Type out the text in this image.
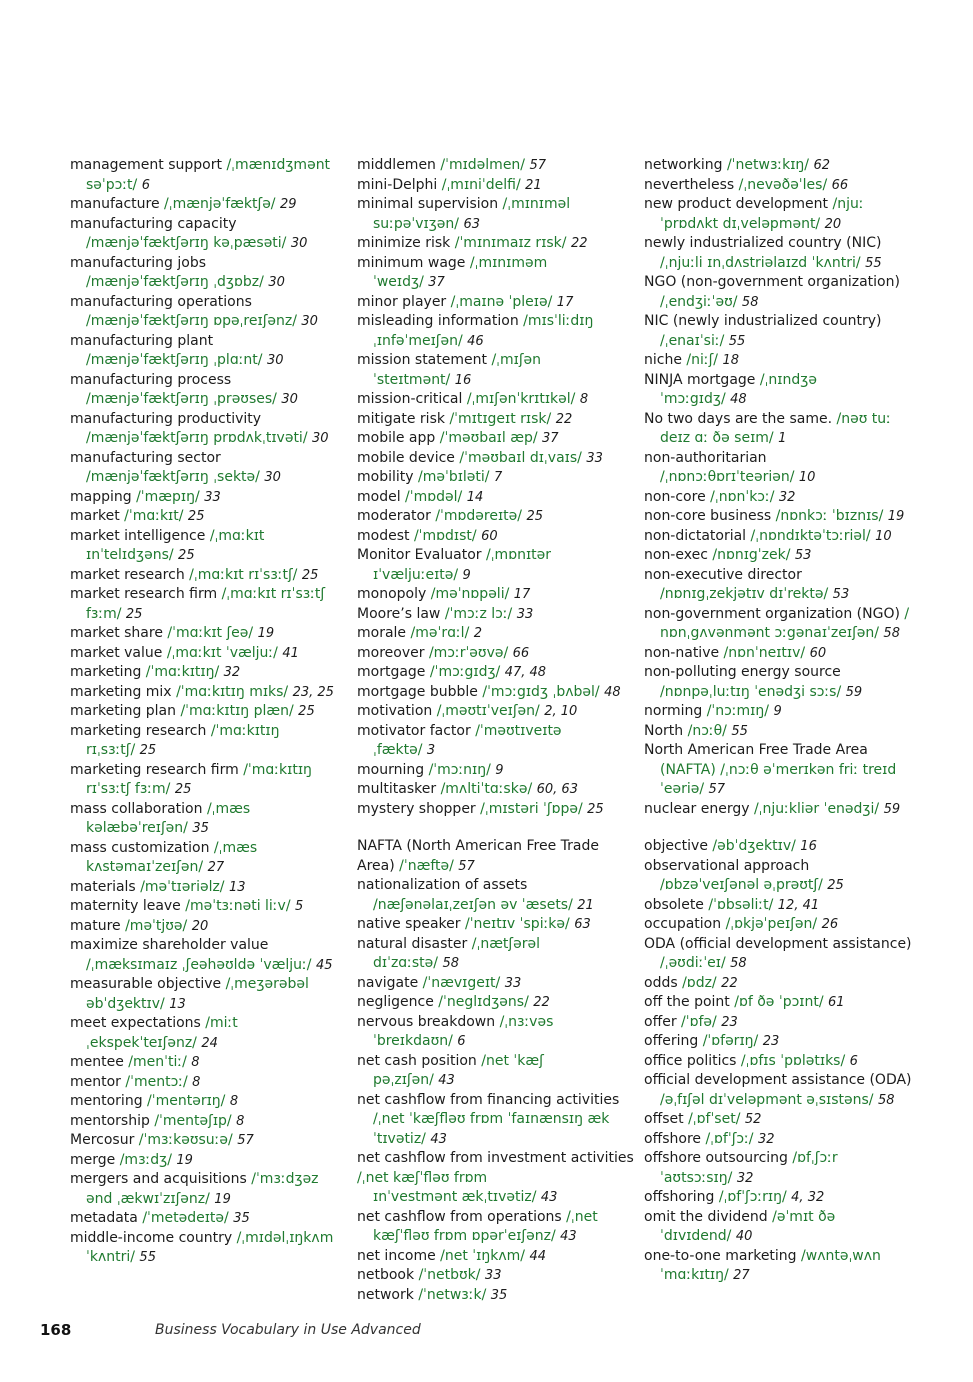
management support /ˌmænɪdʒmənt
səˈpɔːt/ 6

manufacture /ˌmænjəˈfæktʃə/ 29

manufacturing capacity
/mænjəˈfæktʃərɪŋ kəˌpæsəti/ 30

manufacturing jobs
/mænjəˈfæktʃərɪŋ ˌdʒɒbz/ 30

manufacturing operations
/mænjəˈfæktʃərɪŋ ɒpəˌreɪʃənz/ 30

manufacturing plant
/mænjəˈfæktʃərɪŋ ˌplɑːnt/ 30

manufacturing process
/mænjəˈfæktʃərɪŋ ˌprəʊses/ 30

manufacturing productivity
/mænjəˈfæktʃərɪŋ prɒdʌkˌtɪvəti/ 30

manufacturing sector
/mænjəˈfæktʃərɪŋ ˌsektə/ 30

mapping /ˈmæpɪŋ/ 33

market /ˈmɑːkɪt/ 25

market intelligence /ˌmɑːkɪt
ɪnˈtelɪdʒəns/ 25

market research /ˌmɑːkɪt rɪˈsɜːtʃ/ 25

market research firm /ˌmɑːkɪt rɪˈsɜːtʃ
fɜːm/ 25

market share /ˈmɑːkɪt ʃeə/ 19

market value /ˌmɑːkɪt ˈvæljuː/ 41

marketing /ˈmɑːkɪtɪŋ/ 32

marketing mix /ˈmɑːkɪtɪŋ mɪks/ 23, 25

marketing plan /ˈmɑːkɪtɪŋ plæn/ 25

marketing research /ˈmɑːkɪtɪŋ
rɪˌsɜːtʃ/ 25

marketing research firm /ˈmɑːkɪtɪŋ
rɪˈsɜːtʃ fɜːm/ 25

mass collaboration /ˌmæs
kəlæbəˈreɪʃən/ 35

mass customization /ˌmæs
kʌstəmaɪˈzeɪʃən/ 27

materials /məˈtɪəriəlz/ 13

maternity leave /məˈtɜːnəti liːv/ 5

mature /məˈtjʊə/ 20

maximize shareholder value
/ˌmæksɪmaɪz ˌʃeəhəʊldə ˈvæljuː/ 45

measurable objective /ˌmeʒərəbəl
əbˈdʒektɪv/ 13

meet expectations /miːt
ˌekspekˈteɪʃənz/ 24

mentee /menˈtiː/ 8

mentor /ˈmentɔː/ 8

mentoring /ˈmentərɪŋ/ 8

mentorship /ˈmentəʃɪp/ 8

Mercosur /ˈmɜːkəʊsuːə/ 57

merge /mɜːdʒ/ 19

mergers and acquisitions /ˈmɜːdʒəz
ənd ˌækwɪˈzɪʃənz/ 19

metadata /ˈmetədeɪtə/ 35

middle-income country /ˌmɪdəlˌɪŋkʌm
ˈkʌntri/ 55

middlemen /ˈmɪdəlmen/ 57

mini-Delphi /ˌmɪniˈdelfi/ 21

minimal supervision /ˌmɪnɪməl
suːpəˈvɪʒən/ 63

minimize risk /ˈmɪnɪmaɪz rɪsk/ 22

minimum wage /ˌmɪnɪməm
ˈweɪdʒ/ 37

minor player /ˌmaɪnə ˈpleɪə/ 17

misleading information /mɪsˈliːdɪŋ
ˌɪnfəˈmeɪʃən/ 46

mission statement /ˌmɪʃən
ˈsteɪtmənt/ 16

mission-critical /ˌmɪʃənˈkrɪtɪkəl/ 8

mitigate risk /ˈmɪtɪgeɪt rɪsk/ 22

mobile app /ˈməʊbaɪl æp/ 37

mobile device /ˈməʊbaɪl dɪˌvaɪs/ 33

mobility /məˈbɪləti/ 7

model /ˈmɒdəl/ 14

moderator /ˈmɒdəreɪtə/ 25

modest /ˈmɒdɪst/ 60

Monitor Evaluator /ˌmɒnɪtər
ɪˈvæljuːeɪtə/ 9

monopoly /məˈnɒpəli/ 17

Moore’s law /ˈmɔːz lɔː/ 33

morale /məˈrɑːl/ 2

moreover /mɔːrˈəʊvə/ 66

mortgage /ˈmɔːgɪdʒ/ 47, 48

mortgage bubble /ˈmɔːgɪdʒ ˌbʌbəl/ 48

motivation /ˌməʊtɪˈveɪʃən/ 2, 10

motivator factor /ˈməʊtɪveɪtə
ˌfæktə/ 3

mourning /ˈmɔːnɪŋ/ 9

multitasker /mʌltiˈtɑːskə/ 60, 63

mystery shopper /ˌmɪstəri ˈʃɒpə/ 25

NAFTA (North American Free Trade Area) /ˈnæftə/ 57

nationalization of assets
/næʃənəlaɪˌzeɪʃən əv ˈæsets/ 21

native speaker /ˈneɪtɪv ˈspiːkə/ 63

natural disaster /ˌnætʃərəl
dɪˈzɑːstə/ 58

navigate /ˈnævɪgeɪt/ 33

negligence /ˈneglɪdʒəns/ 22

nervous breakdown /ˌnɜːvəs
ˈbreɪkdaʊn/ 6

net cash position /net ˈkæʃ
pəˌzɪʃən/ 43

net cashflow from financing activities
/ˌnet ˈkæʃfləʊ frɒm ˈfaɪnænsɪŋ ækˈtɪvətiz/ 43

net cashflow from investment activities /ˌnet kæʃˈfləʊ frɒm
ɪnˈvestmənt ækˌtɪvətiz/ 43

net cashflow from operations /ˌnet
kæʃˈfləʊ frɒm ɒpərˈeɪʃənz/ 43

net income /net ˈɪŋkʌm/ 44

netbook /ˈnetbʊk/ 33

network /ˈnetwɜːk/ 35

networking /ˈnetwɜːkɪŋ/ 62

nevertheless /ˌnevəðəˈles/ 66

new product development /njuː
ˈprɒdʌkt dɪˌveləpmənt/ 20

newly industrialized country (NIC)
/ˌnjuːli ɪnˌdʌstriəlaɪzd ˈkʌntri/ 55

NGO (non-government organization)
/ˌendʒiːˈəʊ/ 58

NIC (newly industrialized country)
/ˌenaɪˈsiː/ 55

niche /niːʃ/ 18

NINJA mortgage /ˌnɪndʒə
ˈmɔːgɪdʒ/ 48

No two days are the same. /nəʊ tuː
deɪz ɑː ðə seɪm/ 1

non-authoritarian
/ˌnɒnɔːθɒrɪˈteəriən/ 10

non-core /ˌnɒnˈkɔː/ 32

non-core business /nɒnkɔː ˈbɪznɪs/ 19

non-dictatorial /ˌnɒndɪktəˈtɔːriəl/ 10

non-exec /nɒnɪgˈzek/ 53

non-executive director
/nɒnɪgˌzekjətɪv dɪˈrektə/ 53

non-government organization (NGO) /
nɒnˌgʌvənmənt ɔːgənaɪˈzeɪʃən/ 58

non-native /nɒnˈneɪtɪv/ 60

non-polluting energy source
/nɒnpəˌluːtɪŋ ˈenədʒi sɔːs/ 59

norming /ˈnɔːmɪŋ/ 9

North /nɔːθ/ 55

North American Free Trade Area
(NAFTA) /ˌnɔːθ əˈmerɪkən friː treɪd ˈeəriə/ 57

nuclear energy /ˌnjuːkliər ˈenədʒi/ 59

objective /əbˈdʒektɪv/ 16

observational approach
/ɒbzəˈveɪʃənəl əˌprəʊtʃ/ 25

obsolete /ˈɒbsəliːt/ 12, 41

occupation /ˌɒkjəˈpeɪʃən/ 26

ODA (official development assistance)
/ˌəʊdiːˈeɪ/ 58

odds /ɒdz/ 22

off the point /ɒf ðə ˈpɔɪnt/ 61

offer /ˈɒfə/ 23

offering /ˈɒfərɪŋ/ 23

office politics /ˌɒfɪs ˈpɒlətɪks/ 6

official development assistance (ODA)
/əˌfɪʃəl dɪˈveləpmənt əˌsɪstəns/ 58

offset /ˌɒfˈset/ 52

offshore /ˌɒfˈʃɔː/ 32

offshore outsourcing /ɒfˌʃɔːr
ˈaʊtsɔːsɪŋ/ 32

offshoring /ˌɒfˈʃɔːrɪŋ/ 4, 32

omit the dividend /əˈmɪt ðə
ˈdɪvɪdend/ 40

one-to-one marketing /wʌntəˌwʌn
ˈmɑːkɪtɪŋ/ 27

168	Business Vocabulary in Use Advanced
